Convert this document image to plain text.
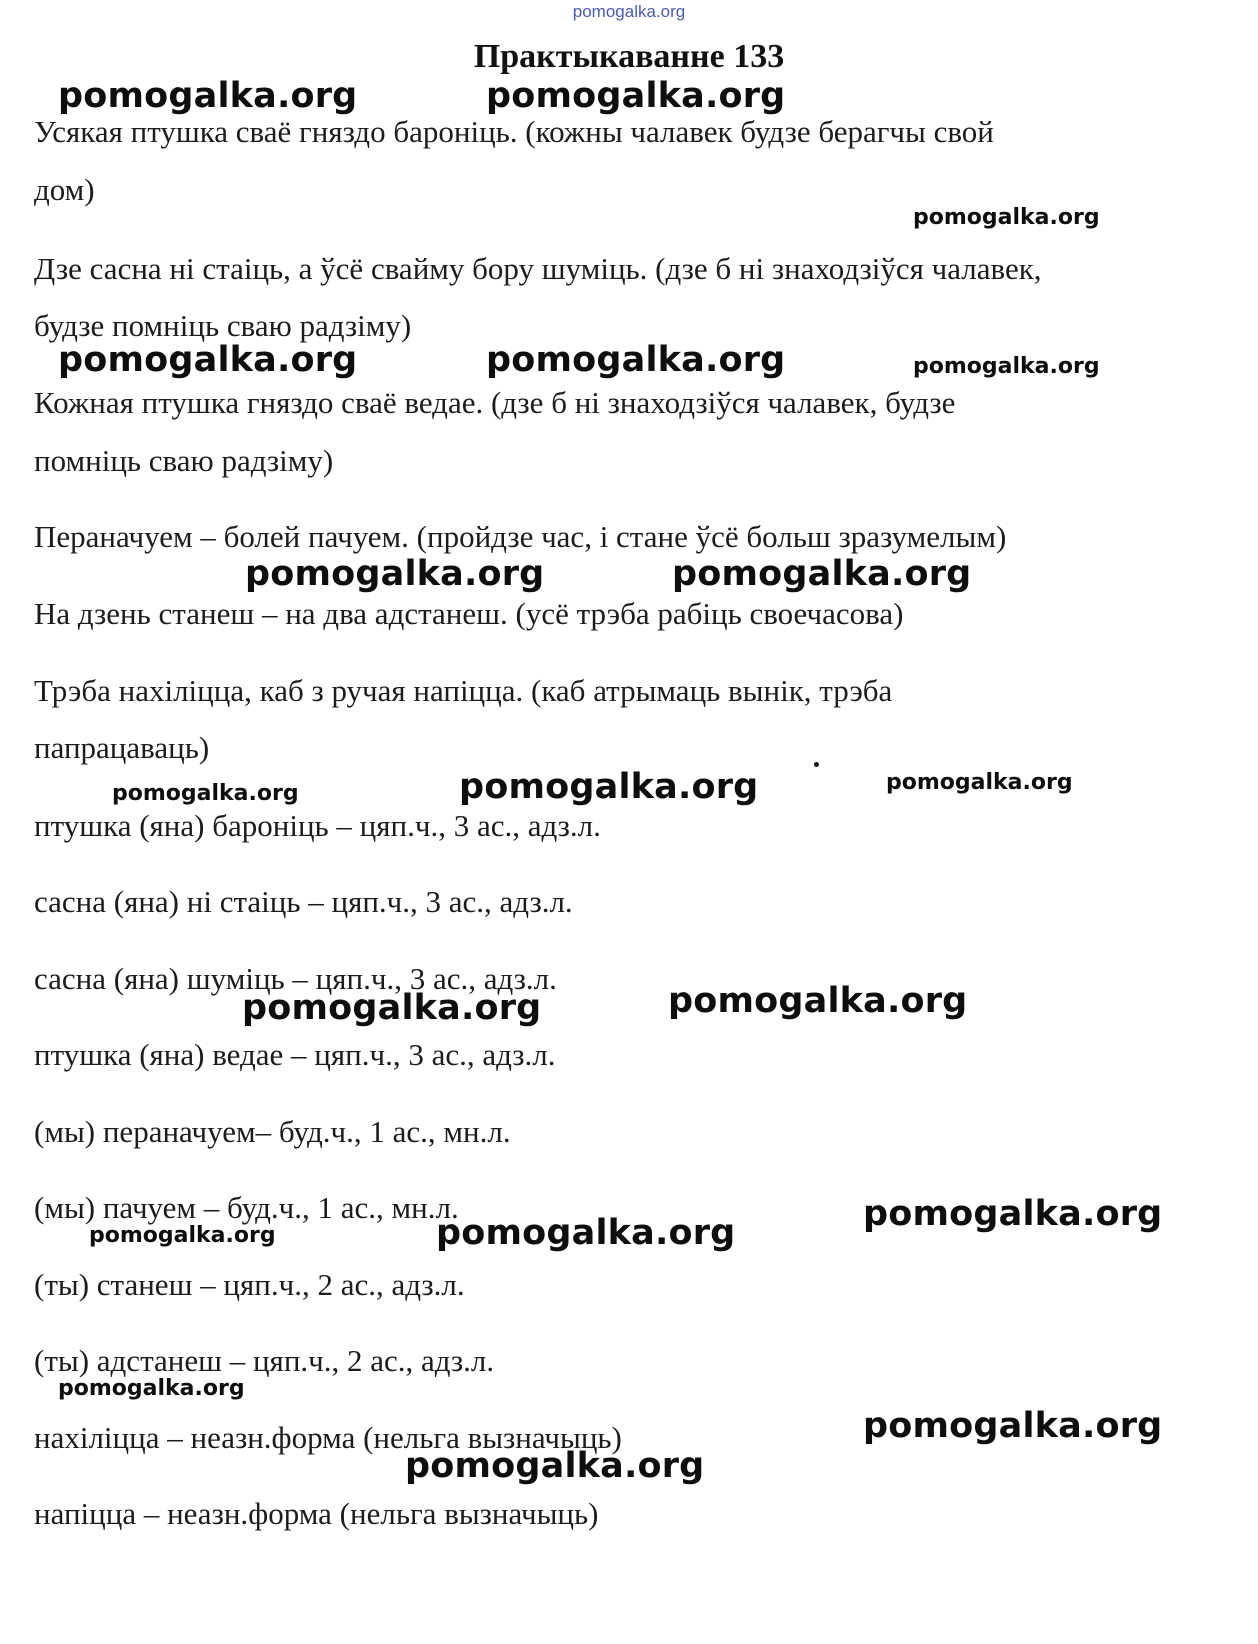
pomogalka.org
Практыкаванне 133
Усякая птушка сваё гняздо бароніць. (кожны чалавек будзе берагчы свой
дом)
Дзе сасна ні стаіць, а ўсё свайму бору шуміць. (дзе б ні знаходзіўся чалавек,
будзе помніць сваю радзіму)
Кожная птушка гняздо сваё ведае. (дзе б ні знаходзіўся чалавек, будзе
помніць сваю радзіму)
Пераначуем – болей пачуем. (пройдзе час, і стане ўсё больш зразумелым)
На дзень станеш – на два адстанеш. (усё трэба рабіць своечасова)
Трэба нахіліцца, каб з ручая напіцца. (каб атрымаць вынік, трэба
папрацаваць)
птушка (яна) бароніць – цяп.ч., 3 ас., адз.л.
сасна (яна) ні стаіць – цяп.ч., 3 ас., адз.л.
сасна (яна) шуміць – цяп.ч., 3 ас., адз.л.
птушка (яна) ведае – цяп.ч., 3 ас., адз.л.
(мы) пераначуем– буд.ч., 1 ас., мн.л.
(мы) пачуем – буд.ч., 1 ас., мн.л.
(ты) станеш – цяп.ч., 2 ас., адз.л.
(ты) адстанеш – цяп.ч., 2 ас., адз.л.
нахіліцца – неазн.форма (нельга вызначыць)
напіцца – неазн.форма (нельга вызначыць)
pomogalka.org	pomogalka.org
pomogalka.org
pomogalka.org	pomogalka.org	pomogalka.org
pomogalka.org	pomogalka.org
pomogalka.org	pomogalka.org	pomogalka.org
pomogalka.org	pomogalka.org
pomogalka.org	pomogalka.org	pomogalka.org
pomogalka.org
pomogalka.org
pomogalka.org
